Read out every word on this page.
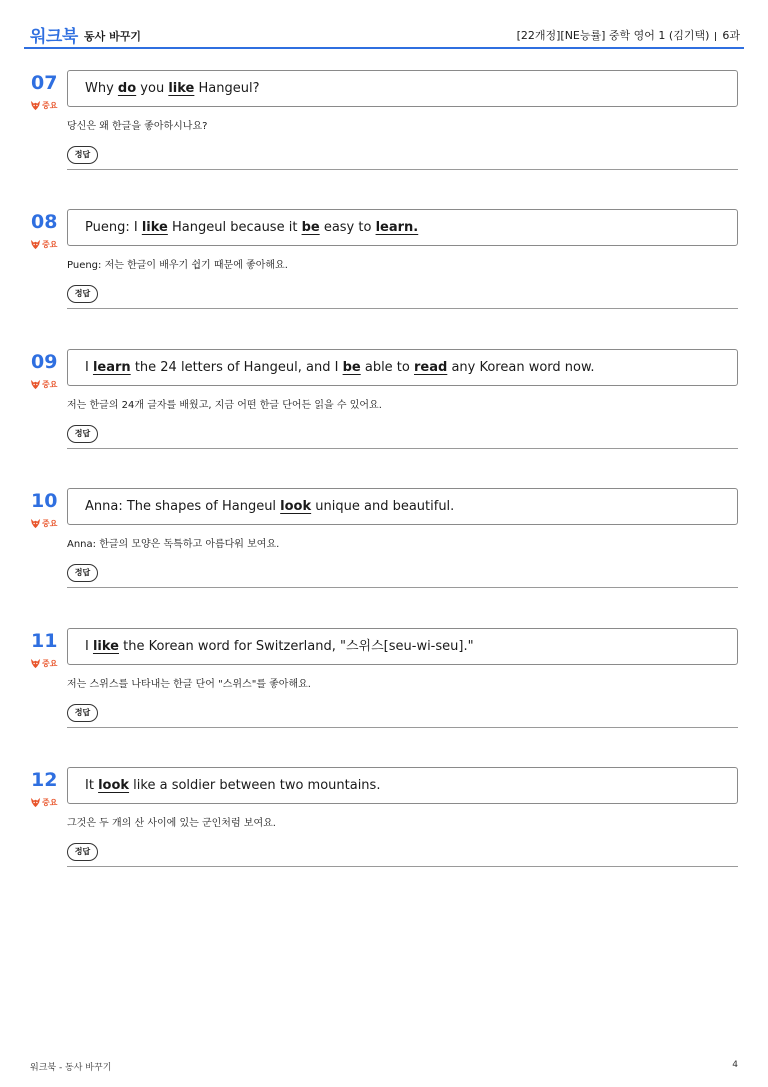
워크북 동사 바꾸기	[22개정][NE능률] 중학 영어 1 (김기택) 6과
07
중요
Why do you like Hangeul?
당신은 왜 한글을 좋아하시나요?
정답
08
중요
Pueng: I like Hangeul because it be easy to learn.
Pueng: 저는 한글이 배우기 쉽기 때문에 좋아해요.
정답
09
중요
I learn the 24 letters of Hangeul, and I be able to read any Korean word now.
저는 한글의 24개 글자를 배웠고, 지금 어떤 한글 단어든 읽을 수 있어요.
정답
10
중요
Anna: The shapes of Hangeul look unique and beautiful.
Anna: 한글의 모양은 독특하고 아름다워 보여요.
정답
11
중요
I like the Korean word for Switzerland, "스위스[seu-wi-seu]."
저는 스위스를 나타내는 한글 단어 "스위스"를 좋아해요.
정답
12
중요
It look like a soldier between two mountains.
그것은 두 개의 산 사이에 있는 군인처럼 보여요.
정답
워크북 - 동사 바꾸기	4
